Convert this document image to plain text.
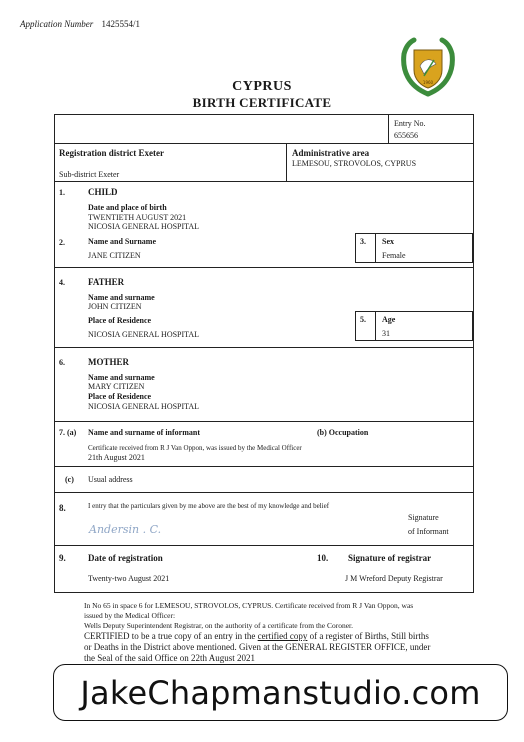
Application Number 1425554/1
1960
CYPRUS
BIRTH CERTIFICATE
Entry No.
655656
Registration district Exeter
Sub-district Exeter
Administrative area
LEMESOU, STROVOLOS, CYPRUS
1.	CHILD
Date and place of birth
TWENTIETH AUGUST 2021
NICOSIA GENERAL HOSPITAL
2.	Name and Surname
JANE CITIZEN
3. Sex
Female
4.	FATHER
Name and surname
JOHN CITIZEN
Place of Residence
NICOSIA GENERAL HOSPITAL
5. Age
31
6.	MOTHER
Name and surname
MARY CITIZEN
Place of Residence
NICOSIA GENERAL HOSPITAL
7. (a) Name and surname of informant	(b) Occupation
Certificate received from R J Van Oppon, was issued by the Medical Officer
21th August 2021
(c) Usual address
8.	I entry that the particulars given by me above are the best of my knowledge and belief
Andersin . C.
Signature
of Informant
9. Date of registration
Twenty-two August 2021
10. Signature of registrar
J M Wreford Deputy Registrar
In No 65 in space 6 for LEMESOU, STROVOLOS, CYPRUS. Certificate received from R J Van Oppon, was
issued by the Medical Officer:
Wells Deputy Superintendent Registrar, on the authority of a certificate from the Coroner.
CERTIFIED to be a true copy of an entry in the certified copy of a register of Births, Still births
or Deaths in the District above mentioned. Given at the GENERAL REGISTER OFFICE, under
the Seal of the said Office on 22th August 2021
JakeChapmanstudio.com
